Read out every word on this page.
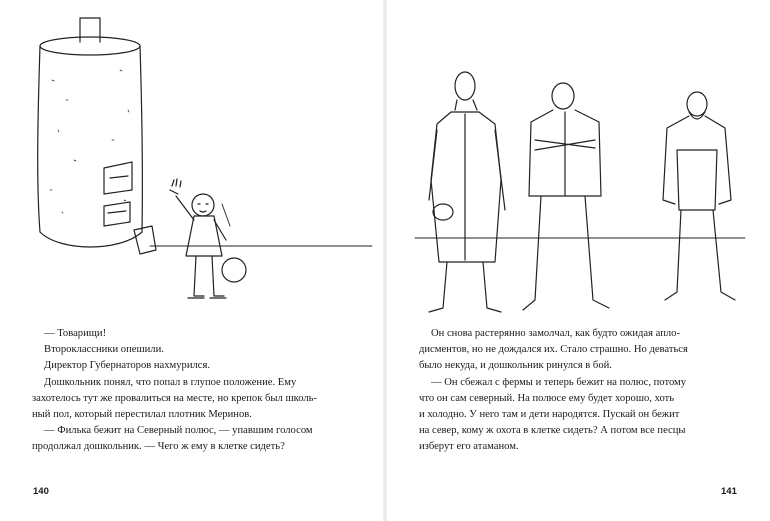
— Товарищи!

Второклассники опешили.

Директор Губернаторов нахмурился.

Дошкольник понял, что попал в глупое положение. Ему

захотелось тут же провалиться на месте, но крепок был школь-

ный пол, который перестилал плотник Меринов.

— Филька бежит на Северный полюс, — упавшим голосом

продолжал дошкольник. — Чего ж ему в клетке сидеть?

140

Он снова растерянно замолчал, как будто ожидая апло-

дисментов, но не дождался их. Стало страшно. Но деваться

было некуда, и дошкольник ринулся в бой.

— Он сбежал с фермы и теперь бежит на полюс, потому

что он сам северный. На полюсе ему будет хорошо, хоть

и холодно. У него там и дети народятся. Пускай он бежит

на север, кому ж охота в клетке сидеть? А потом все песцы

изберут его атаманом.

141
